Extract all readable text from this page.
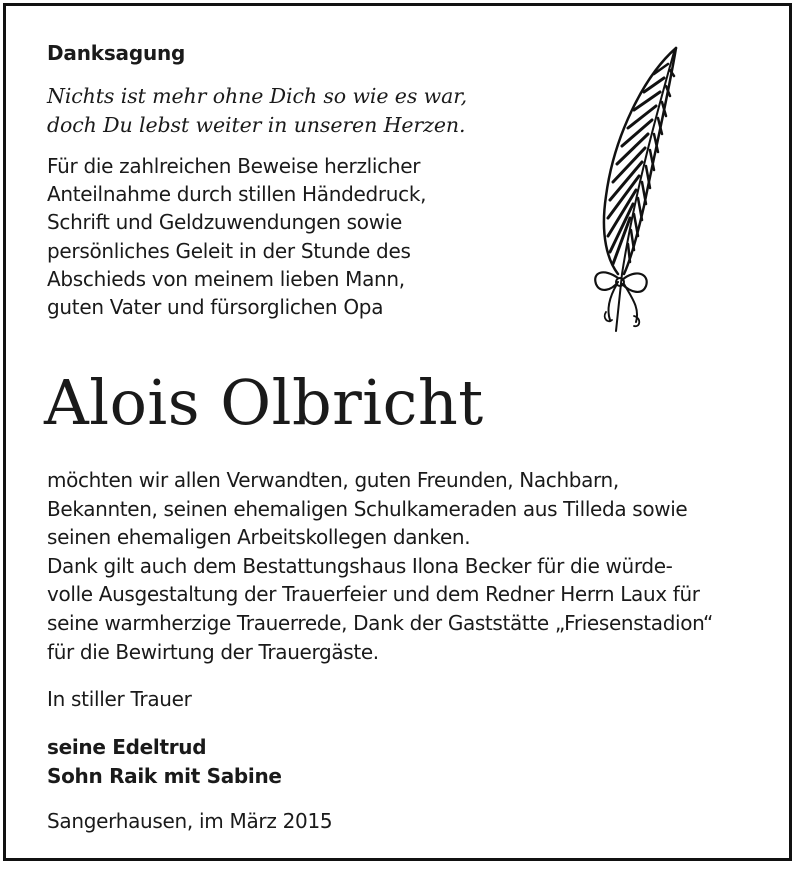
Danksagung
Nichts ist mehr ohne Dich so wie es war,
doch Du lebst weiter in unseren Herzen.
Für die zahlreichen Beweise herzlicher
Anteilnahme durch stillen Händedruck,
Schrift und Geldzuwendungen sowie
persönliches Geleit in der Stunde des
Abschieds von meinem lieben Mann,
guten Vater und fürsorglichen Opa
Alois Olbricht
möchten wir allen Verwandten, guten Freunden, Nachbarn,
Bekannten, seinen ehemaligen Schulkameraden aus Tilleda sowie
seinen ehemaligen Arbeitskollegen danken.
Dank gilt auch dem Bestattungshaus Ilona Becker für die würde-
volle Ausgestaltung der Trauerfeier und dem Redner Herrn Laux für
seine warmherzige Trauerrede, Dank der Gaststätte „Friesenstadion“
für die Bewirtung der Trauergäste.
In stiller Trauer
seine Edeltrud
Sohn Raik mit Sabine
Sangerhausen, im März 2015
